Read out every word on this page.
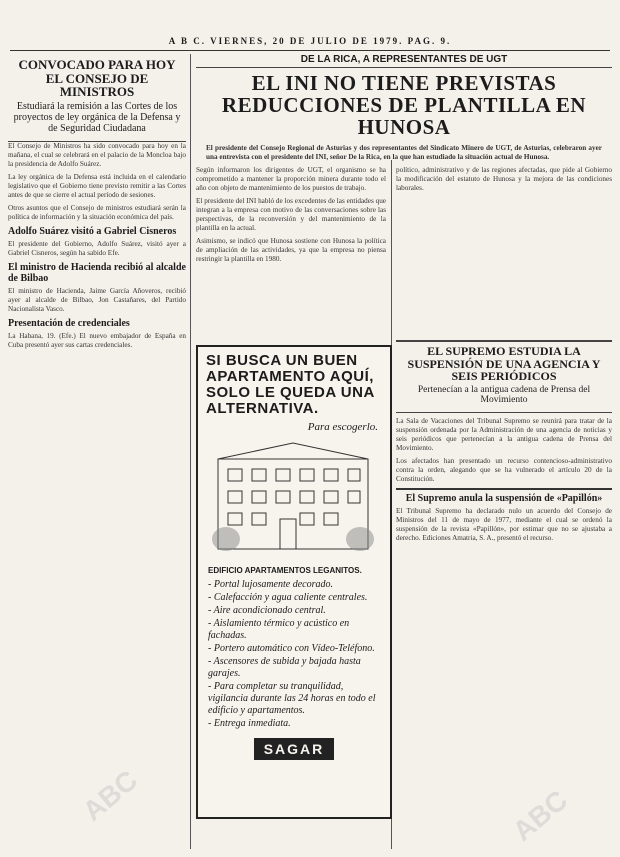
A B C. VIERNES, 20 DE JULIO DE 1979. PAG. 9.
CONVOCADO PARA HOY EL CONSEJO DE MINISTROS

Estudiará la remisión a las Cortes de los proyectos de ley orgánica de la Defensa y de Seguridad Ciudadana

El Consejo de Ministros ha sido convocado para hoy en la mañana, el cual se celebrará en el palacio de la Moncloa bajo la presidencia de Adolfo Suárez.

La ley orgánica de la Defensa está incluida en el calendario legislativo que el Gobierno tiene previsto remitir a las Cortes antes de que se cierre el actual período de sesiones.

Otros asuntos que el Consejo de ministros estudiará serán la política de información y la situación económica del país.

Adolfo Suárez visitó a Gabriel Cisneros

El presidente del Gobierno, Adolfo Suárez, visitó ayer a Gabriel Cisneros, según ha sabido Efe.

El ministro de Hacienda recibió al alcalde de Bilbao

El ministro de Hacienda, Jaime García Añoveros, recibió ayer al alcalde de Bilbao, Jon Castañares, del Partido Nacionalista Vasco.

Presentación de credenciales

La Habana, 19. (Efe.) El nuevo embajador de España en Cuba presentó ayer sus cartas credenciales.

DE LA RICA, A REPRESENTANTES DE UGT
EL INI NO TIENE PREVISTAS REDUCCIONES DE PLANTILLA EN HUNOSA

El presidente del Consejo Regional de Asturias y dos representantes del Sindicato Minero de UGT, de Asturias, celebraron ayer una entrevista con el presidente del INI, señor De la Rica, en la que han estudiado la situación actual de Hunosa.

Según informaron los dirigentes de UGT, el organismo se ha comprometido a mantener la proporción minera durante todo el año con objeto de mantenimiento de los puestos de trabajo.

El presidente del INI habló de los excedentes de las entidades que integran a la empresa con motivo de las conversaciones sobre las perspectivas, de la reconversión y del mantenimiento de la plantilla en la actual.

Asimismo, se indicó que Hunosa sostiene con Hunosa la política de ampliación de las actividades, ya que la empresa no piensa restringir la plantilla en 1980.

político, administrativo y de las regiones afectadas, que pide al Gobierno la modificación del estatuto de Hunosa y la mejora de las condiciones laborales.

SI BUSCA UN BUEN APARTAMENTO AQUÍ, SOLO LE QUEDA UNA ALTERNATIVA.
Para escogerlo.
EDIFICIO APARTAMENTOS LEGANITOS.
- Portal lujosamente decorado.
- Calefacción y agua caliente centrales.
- Aire acondicionado central.
- Aislamiento térmico y acústico en fachadas.
- Portero automático con Vídeo-Teléfono.
- Ascensores de subida y bajada hasta garajes.
- Para completar su tranquilidad, vigilancia durante las 24 horas en todo el edificio y apartamentos.
- Entrega inmediata.
SAGAR
EL SUPREMO ESTUDIA LA SUSPENSIÓN DE UNA AGENCIA Y SEIS PERIÓDICOS

Pertenecían a la antigua cadena de Prensa del Movimiento

La Sala de Vacaciones del Tribunal Supremo se reunirá para tratar de la suspensión ordenada por la Administración de una agencia de noticias y seis periódicos que pertenecían a la antigua cadena de Prensa del Movimiento.

Los afectados han presentado un recurso contencioso-administrativo contra la orden, alegando que se ha vulnerado el artículo 20 de la Constitución.

El Supremo anula la suspensión de «Papillón»

El Tribunal Supremo ha declarado nulo un acuerdo del Consejo de Ministros del 11 de mayo de 1977, mediante el cual se ordenó la suspensión de la revista «Papillón», por estimar que no se ajustaba a derecho. Ediciones Amatria, S. A., presentó el recurso.

ABC	ABC
